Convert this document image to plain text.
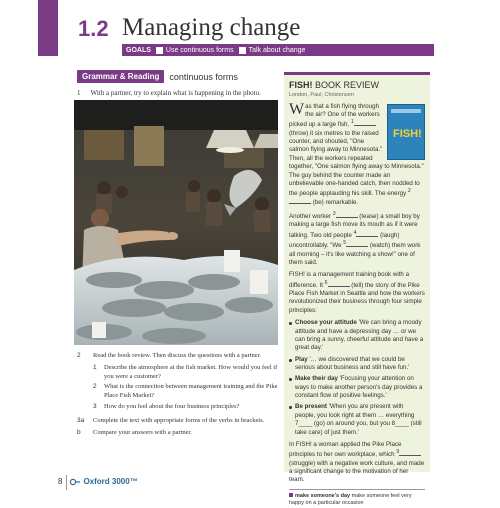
1.2 Managing change
GOALS Use continuous forms Talk about change
Grammar & Reading	continuous forms
1 With a partner, try to explain what is happening in the photo.
2	Read the book review. Then discuss the questions with a partner.
1	Describe the atmosphere at the fish market. How would you feel if you were a customer?
2	What is the connection between management training and the Pike Place Fish Market?
3	How do you feel about the four business principles?
3a	Complete the text with appropriate forms of the verbs in brackets.
b	Compare your answers with a partner.
FISH! BOOK REVIEW
London, Paul, Christensen
FISH!

Was that a fish flying through the air? One of the workers picked up a large fish, $^1$ (throw) it six metres to the raised counter, and shouted, "One salmon flying away to Minnesota." Then, all the workers repeated together, "One salmon flying away to Minnesota." The guy behind the counter made an unbelievable one-handed catch, then nodded to the people applauding his skill. The energy $^2$ (be) remarkable.

Another worker $^3$	(tease) a small boy by making a large fish move its mouth as if it were talking. Two old people $^4$	(laugh) uncontrollably. "We $^5$	(watch) them work all morning – it's like watching a show!" one of them said.

FISH! is a management training book with a difference. It $^6$	(tell) the story of the Pike Place Fish Market in Seattle and how the workers revolutionized their business through four simple principles:

Choose your attitude 'We can bring a moody attitude and have a depressing day … or we can bring a sunny, cheerful attitude and have a great day.'
Play '… we discovered that we could be serious about business and still have fun.'
Make their day 'Focusing your attention on ways to make another person's day provides a constant flow of positive feelings.'
Be present 'When you are present with people, you look right at them … everything 7____ (go) on around you, but you 8____ (still take care) of just them.'

In FISH! a woman applied the Pike Place principles to her own workplace, which $^9$ (struggle) with a negative work culture, and made a significant change to the motivation of her team.

make someone's day make someone feel very happy on a particular occasion
8	Oxford 3000™
